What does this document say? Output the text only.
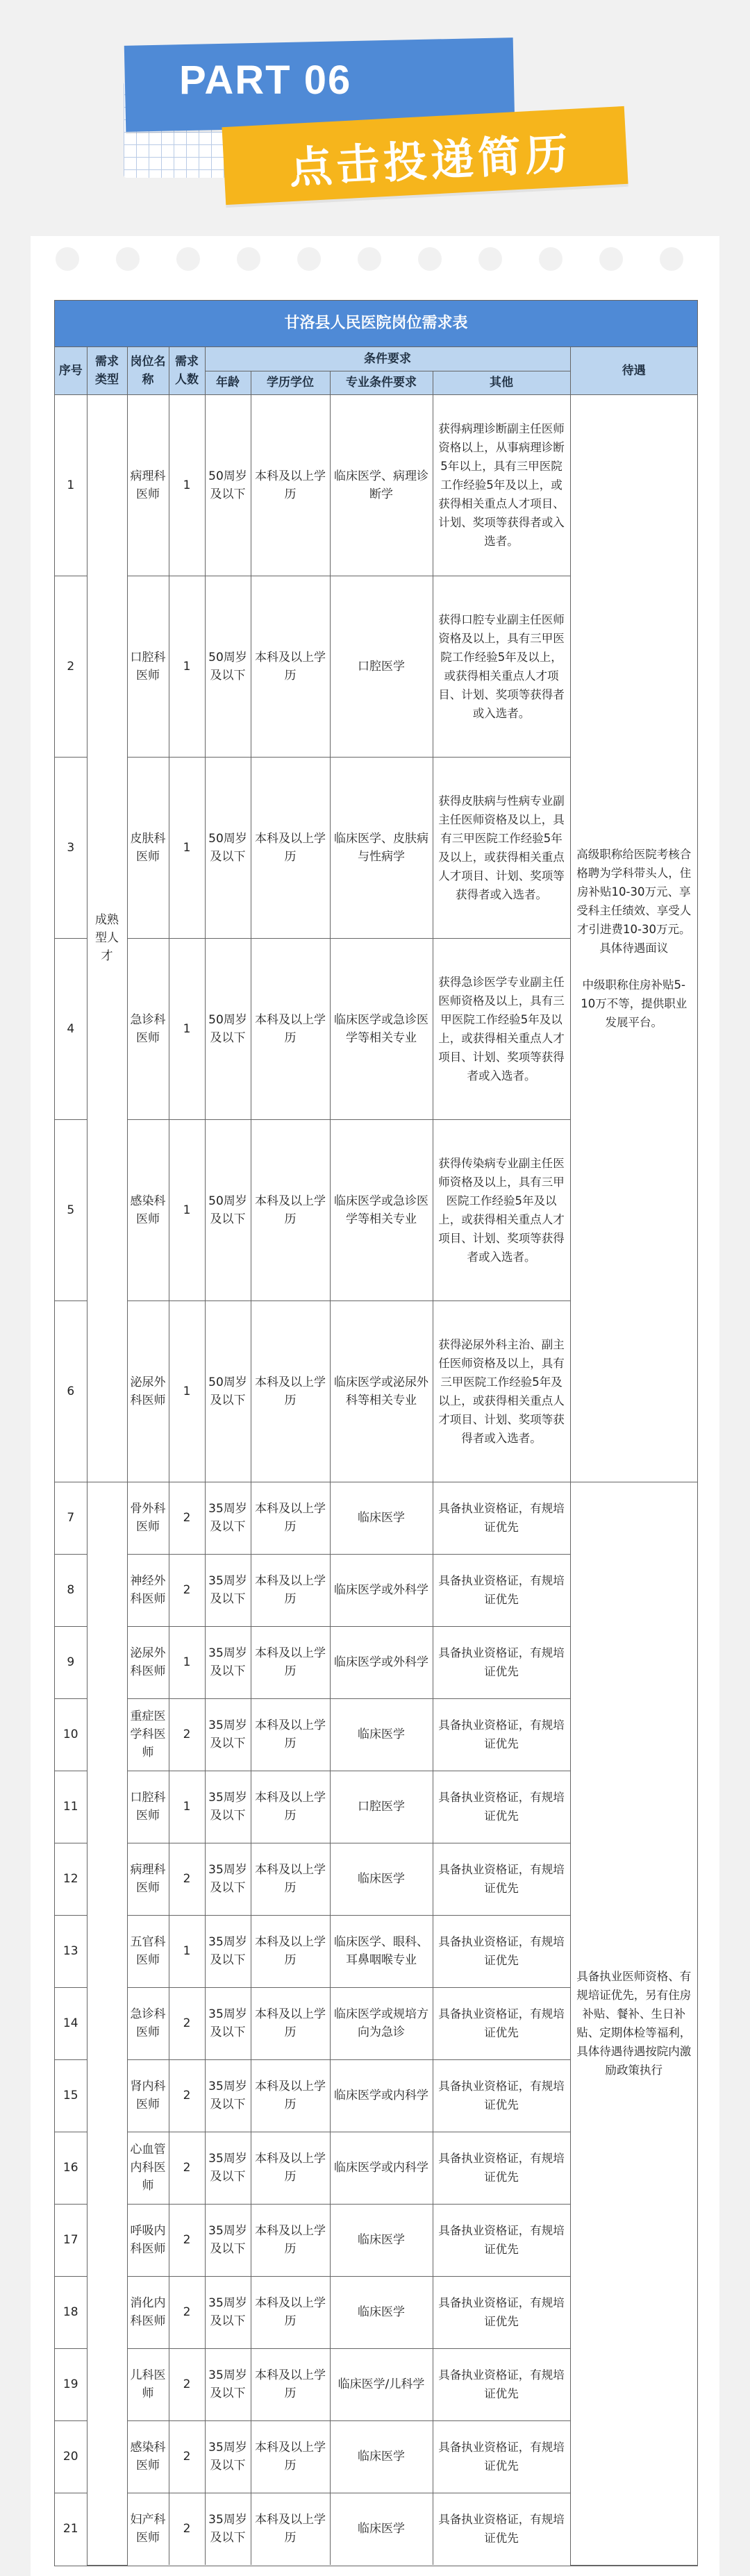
PART 06
点击投递简历
甘洛县人民医院岗位需求表
序号	需求类型	岗位名称	需求人数	条件要求				待遇
				年龄	学历学位	专业条件要求	其他	
1	成熟型人才	病理科医师	1	50周岁及以下	本科及以上学历	临床医学、病理诊断学	获得病理诊断副主任医师资格以上，从事病理诊断5年以上，具有三甲医院工作经验5年及以上，或获得相关重点人才项目、计划、奖项等获得者或入选者。	高级职称给医院考核合格聘为学科带头人，住房补贴10-30万元、享受科主任绩效、享受人才引进费10-30万元。具体待遇面议
中级职称住房补贴5-10万不等，提供职业发展平台。

2		口腔科医师	1	50周岁及以下	本科及以上学历	口腔医学	获得口腔专业副主任医师资格及以上，具有三甲医院工作经验5年及以上，或获得相关重点人才项目、计划、奖项等获得者或入选者。	
3		皮肤科医师	1	50周岁及以下	本科及以上学历	临床医学、皮肤病与性病学	获得皮肤病与性病专业副主任医师资格及以上，具有三甲医院工作经验5年及以上，或获得相关重点人才项目、计划、奖项等获得者或入选者。	
4		急诊科医师	1	50周岁及以下	本科及以上学历	临床医学或急诊医学等相关专业	获得急诊医学专业副主任医师资格及以上，具有三甲医院工作经验5年及以上，或获得相关重点人才项目、计划、奖项等获得者或入选者。	
5		感染科医师	1	50周岁及以下	本科及以上学历	临床医学或急诊医学等相关专业	获得传染病专业副主任医师资格及以上，具有三甲医院工作经验5年及以上，或获得相关重点人才项目、计划、奖项等获得者或入选者。	
6		泌尿外科医师	1	50周岁及以下	本科及以上学历	临床医学或泌尿外科等相关专业	获得泌尿外科主治、副主任医师资格及以上，具有三甲医院工作经验5年及以上，或获得相关重点人才项目、计划、奖项等获得者或入选者。	
7		骨外科医师	2	35周岁及以下	本科及以上学历	临床医学	具备执业资格证，有规培证优先	具备执业医师资格、有规培证优先，另有住房补贴、餐补、生日补贴、定期体检等福利，具体待遇待遇按院内激励政策执行
8		神经外科医师	2	35周岁及以下	本科及以上学历	临床医学或外科学	具备执业资格证，有规培证优先	
9		泌尿外科医师	1	35周岁及以下	本科及以上学历	临床医学或外科学	具备执业资格证，有规培证优先	
10		重症医学科医师	2	35周岁及以下	本科及以上学历	临床医学	具备执业资格证，有规培证优先	
11		口腔科医师	1	35周岁及以下	本科及以上学历	口腔医学	具备执业资格证，有规培证优先	
12		病理科医师	2	35周岁及以下	本科及以上学历	临床医学	具备执业资格证，有规培证优先	
13		五官科医师	1	35周岁及以下	本科及以上学历	临床医学、眼科、耳鼻咽喉专业	具备执业资格证，有规培证优先	
14		急诊科医师	2	35周岁及以下	本科及以上学历	临床医学或规培方向为急诊	具备执业资格证，有规培证优先	
15		肾内科医师	2	35周岁及以下	本科及以上学历	临床医学或内科学	具备执业资格证，有规培证优先	
16		心血管内科医师	2	35周岁及以下	本科及以上学历	临床医学或内科学	具备执业资格证，有规培证优先	
17		呼吸内科医师	2	35周岁及以下	本科及以上学历	临床医学	具备执业资格证，有规培证优先	
18		消化内科医师	2	35周岁及以下	本科及以上学历	临床医学	具备执业资格证，有规培证优先	
19		儿科医师	2	35周岁及以下	本科及以上学历	临床医学/儿科学	具备执业资格证，有规培证优先	
20		感染科医师	2	35周岁及以下	本科及以上学历	临床医学	具备执业资格证，有规培证优先	
21		妇产科医师	2	35周岁及以下	本科及以上学历	临床医学	具备执业资格证，有规培证优先	
